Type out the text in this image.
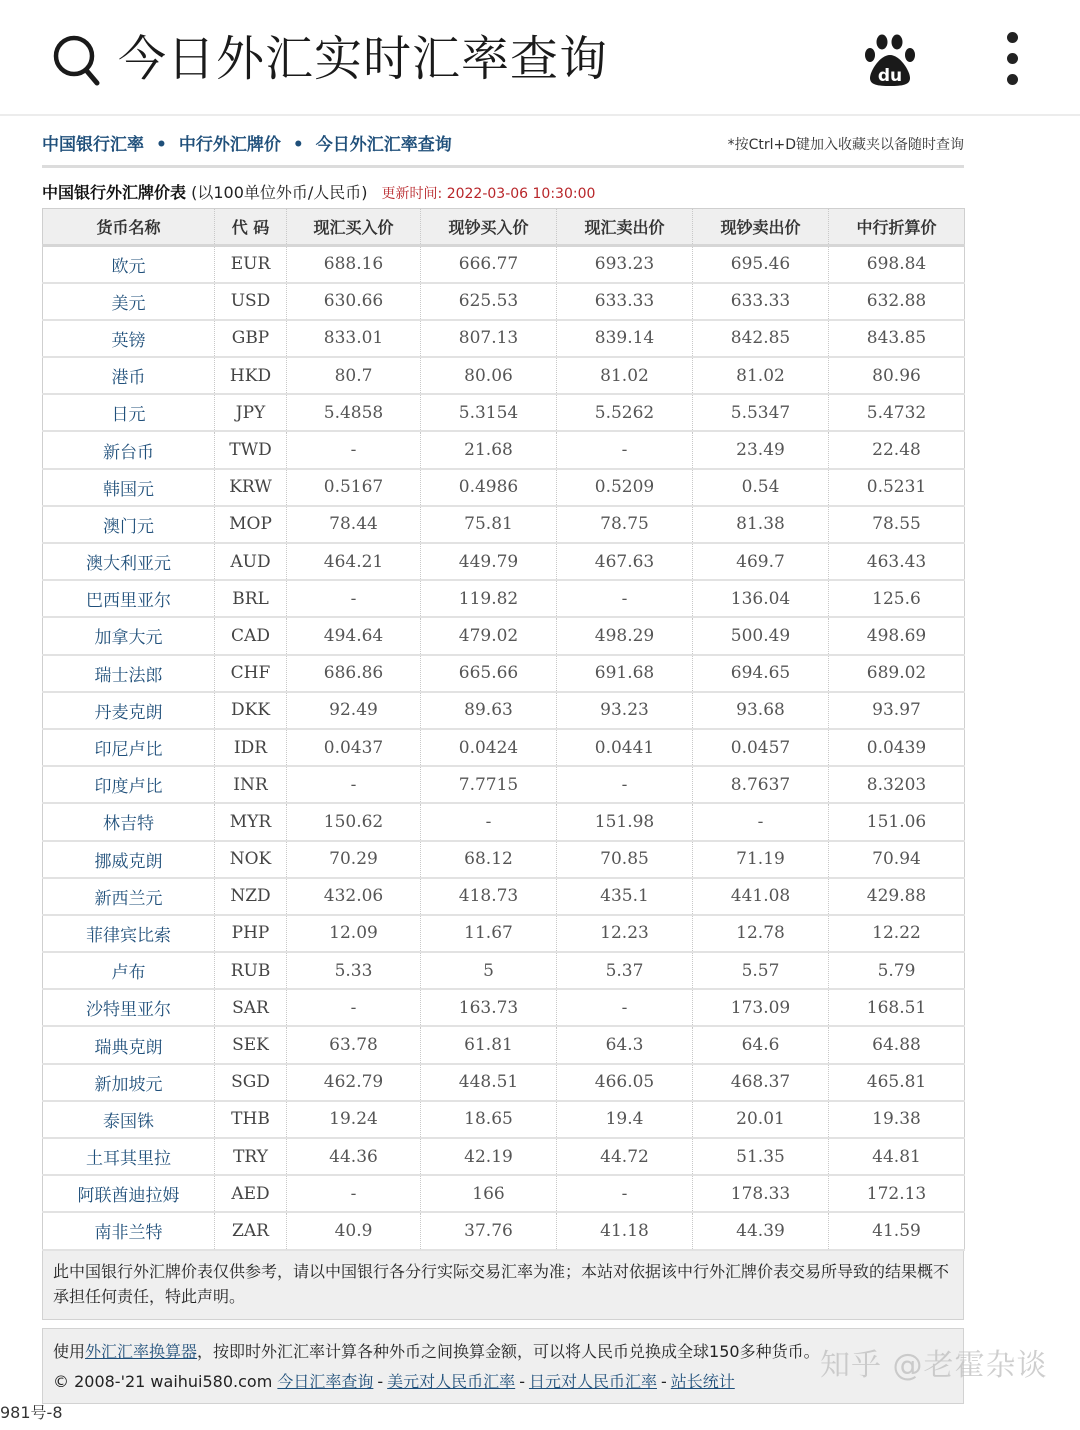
今日外汇实时汇率查询	du
中国银行汇率 • 中行外汇牌价 • 今日外汇汇率查询	*按Ctrl+D键加入收藏夹以备随时查询
中国银行外汇牌价表 (以100单位外币/人民币) 更新时间: 2022-03-06 10:30:00
货币名称	代 码	现汇买入价	现钞买入价	现汇卖出价	现钞卖出价	中行折算价
欧元	EUR	688.16	666.77	693.23	695.46	698.84
美元	USD	630.66	625.53	633.33	633.33	632.88
英镑	GBP	833.01	807.13	839.14	842.85	843.85
港币	HKD	80.7	80.06	81.02	81.02	80.96
日元	JPY	5.4858	5.3154	5.5262	5.5347	5.4732
新台币	TWD	-	21.68	-	23.49	22.48
韩国元	KRW	0.5167	0.4986	0.5209	0.54	0.5231
澳门元	MOP	78.44	75.81	78.75	81.38	78.55
澳大利亚元	AUD	464.21	449.79	467.63	469.7	463.43
巴西里亚尔	BRL	-	119.82	-	136.04	125.6
加拿大元	CAD	494.64	479.02	498.29	500.49	498.69
瑞士法郎	CHF	686.86	665.66	691.68	694.65	689.02
丹麦克朗	DKK	92.49	89.63	93.23	93.68	93.97
印尼卢比	IDR	0.0437	0.0424	0.0441	0.0457	0.0439
印度卢比	INR	-	7.7715	-	8.7637	8.3203
林吉特	MYR	150.62	-	151.98	-	151.06
挪威克朗	NOK	70.29	68.12	70.85	71.19	70.94
新西兰元	NZD	432.06	418.73	435.1	441.08	429.88
菲律宾比索	PHP	12.09	11.67	12.23	12.78	12.22
卢布	RUB	5.33	5	5.37	5.57	5.79
沙特里亚尔	SAR	-	163.73	-	173.09	168.51
瑞典克朗	SEK	63.78	61.81	64.3	64.6	64.88
新加坡元	SGD	462.79	448.51	466.05	468.37	465.81
泰国铢	THB	19.24	18.65	19.4	20.01	19.38
土耳其里拉	TRY	44.36	42.19	44.72	51.35	44.81
阿联酋迪拉姆	AED	-	166	-	178.33	172.13
南非兰特	ZAR	40.9	37.76	41.18	44.39	41.59
此中国银行外汇牌价表仅供参考，请以中国银行各分行实际交易汇率为准；本站对依据该中行外汇牌价表交易所导致的结果概不承担任何责任，特此声明。
使用外汇汇率换算器，按即时外汇汇率计算各种外币之间换算金额，可以将人民币兑换成全球150多种货币。
© 2008-'21 waihui580.com 今日汇率查询 - 美元对人民币汇率 - 日元对人民币汇率 - 站长统计	知乎 @老霍杂谈
981号-8
